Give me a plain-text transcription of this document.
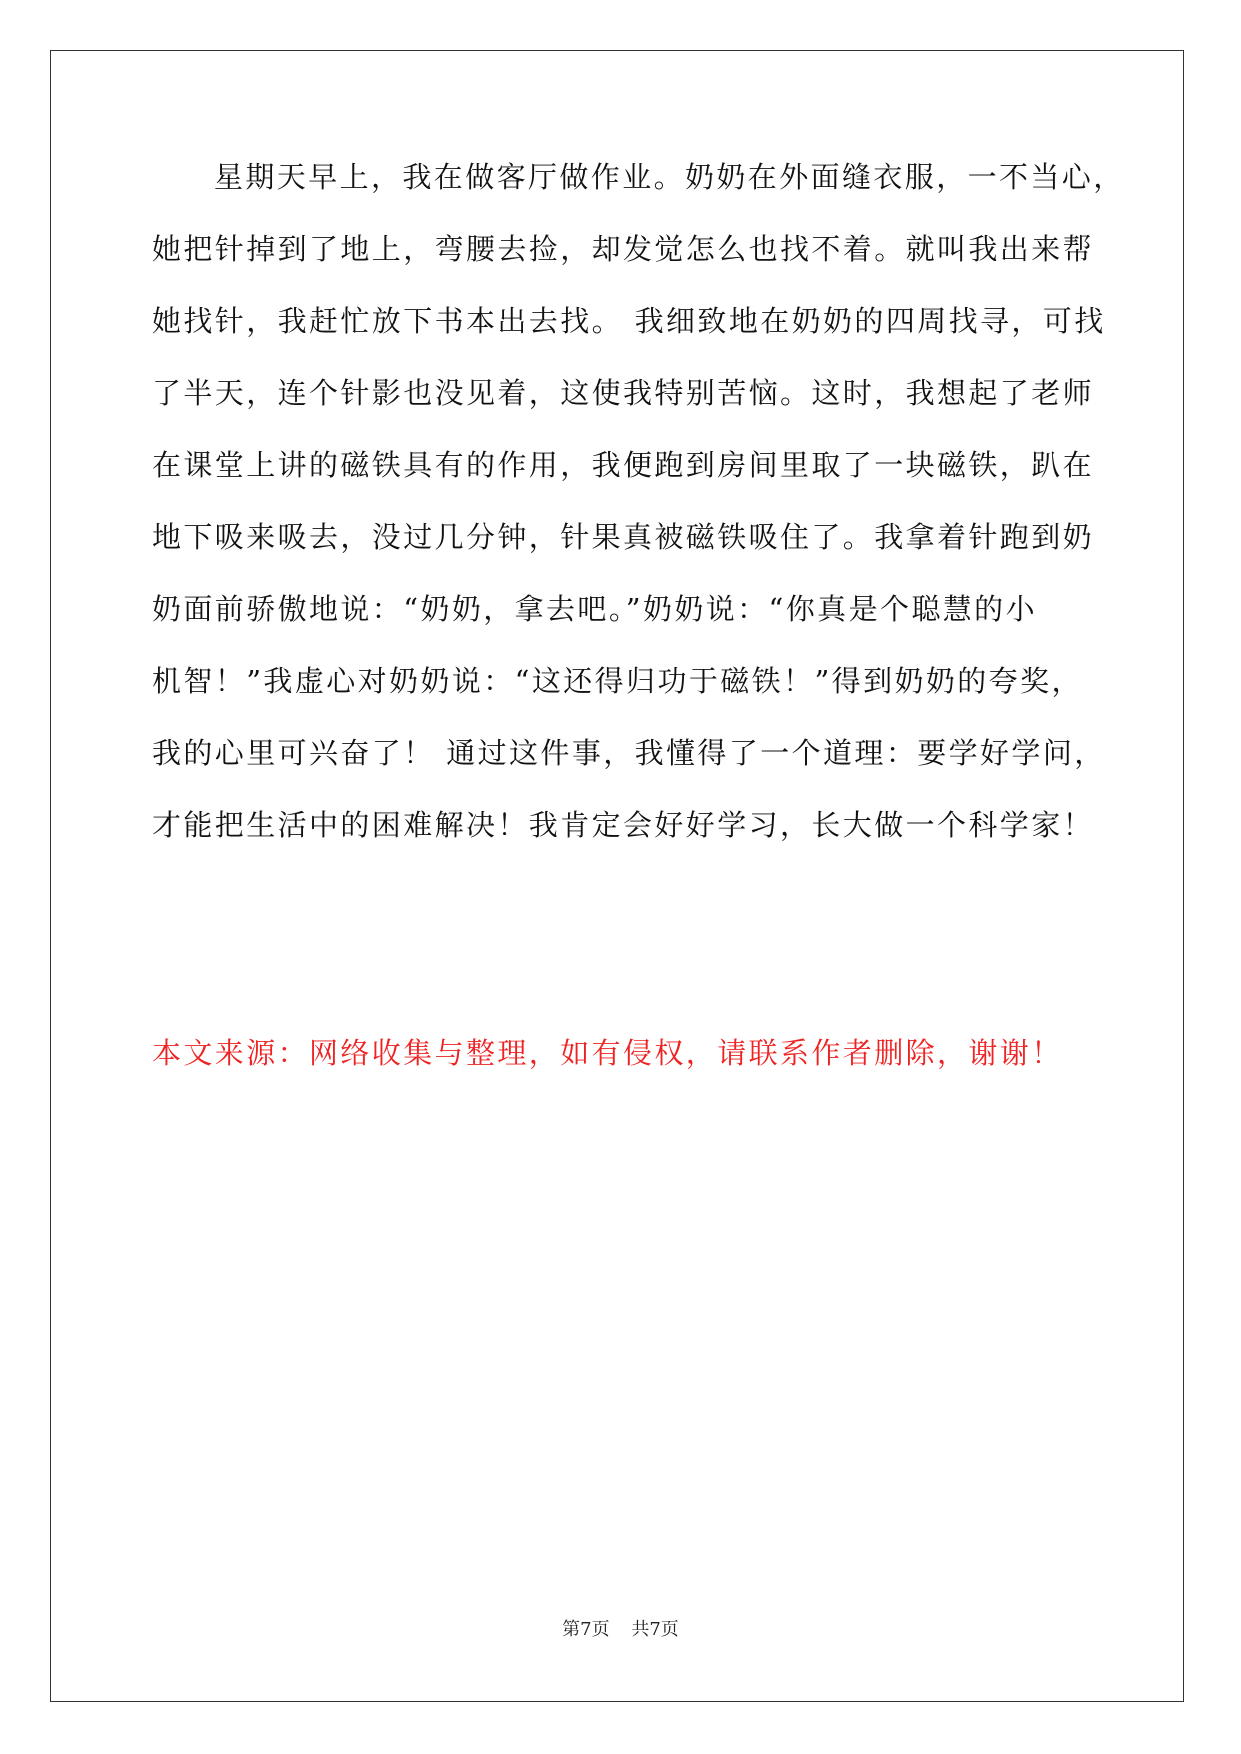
星期天早上，我在做客厅做作业。奶奶在外面缝衣服，一不当心，
她把针掉到了地上，弯腰去捡，却发觉怎么也找不着。就叫我出来帮
她找针，我赶忙放下书本出去找。 我细致地在奶奶的四周找寻，可找
了半天，连个针影也没见着，这使我特别苦恼。这时，我想起了老师
在课堂上讲的磁铁具有的作用，我便跑到房间里取了一块磁铁，趴在
地下吸来吸去，没过几分钟，针果真被磁铁吸住了。我拿着针跑到奶
奶面前骄傲地说：“奶奶，拿去吧。”奶奶说：“你真是个聪慧的小
机智！”我虚心对奶奶说：“这还得归功于磁铁！”得到奶奶的夸奖，
我的心里可兴奋了！ 通过这件事，我懂得了一个道理：要学好学问，
才能把生活中的困难解决！我肯定会好好学习，长大做一个科学家！
本文来源：网络收集与整理，如有侵权，请联系作者删除，谢谢！
第7页 共7页
